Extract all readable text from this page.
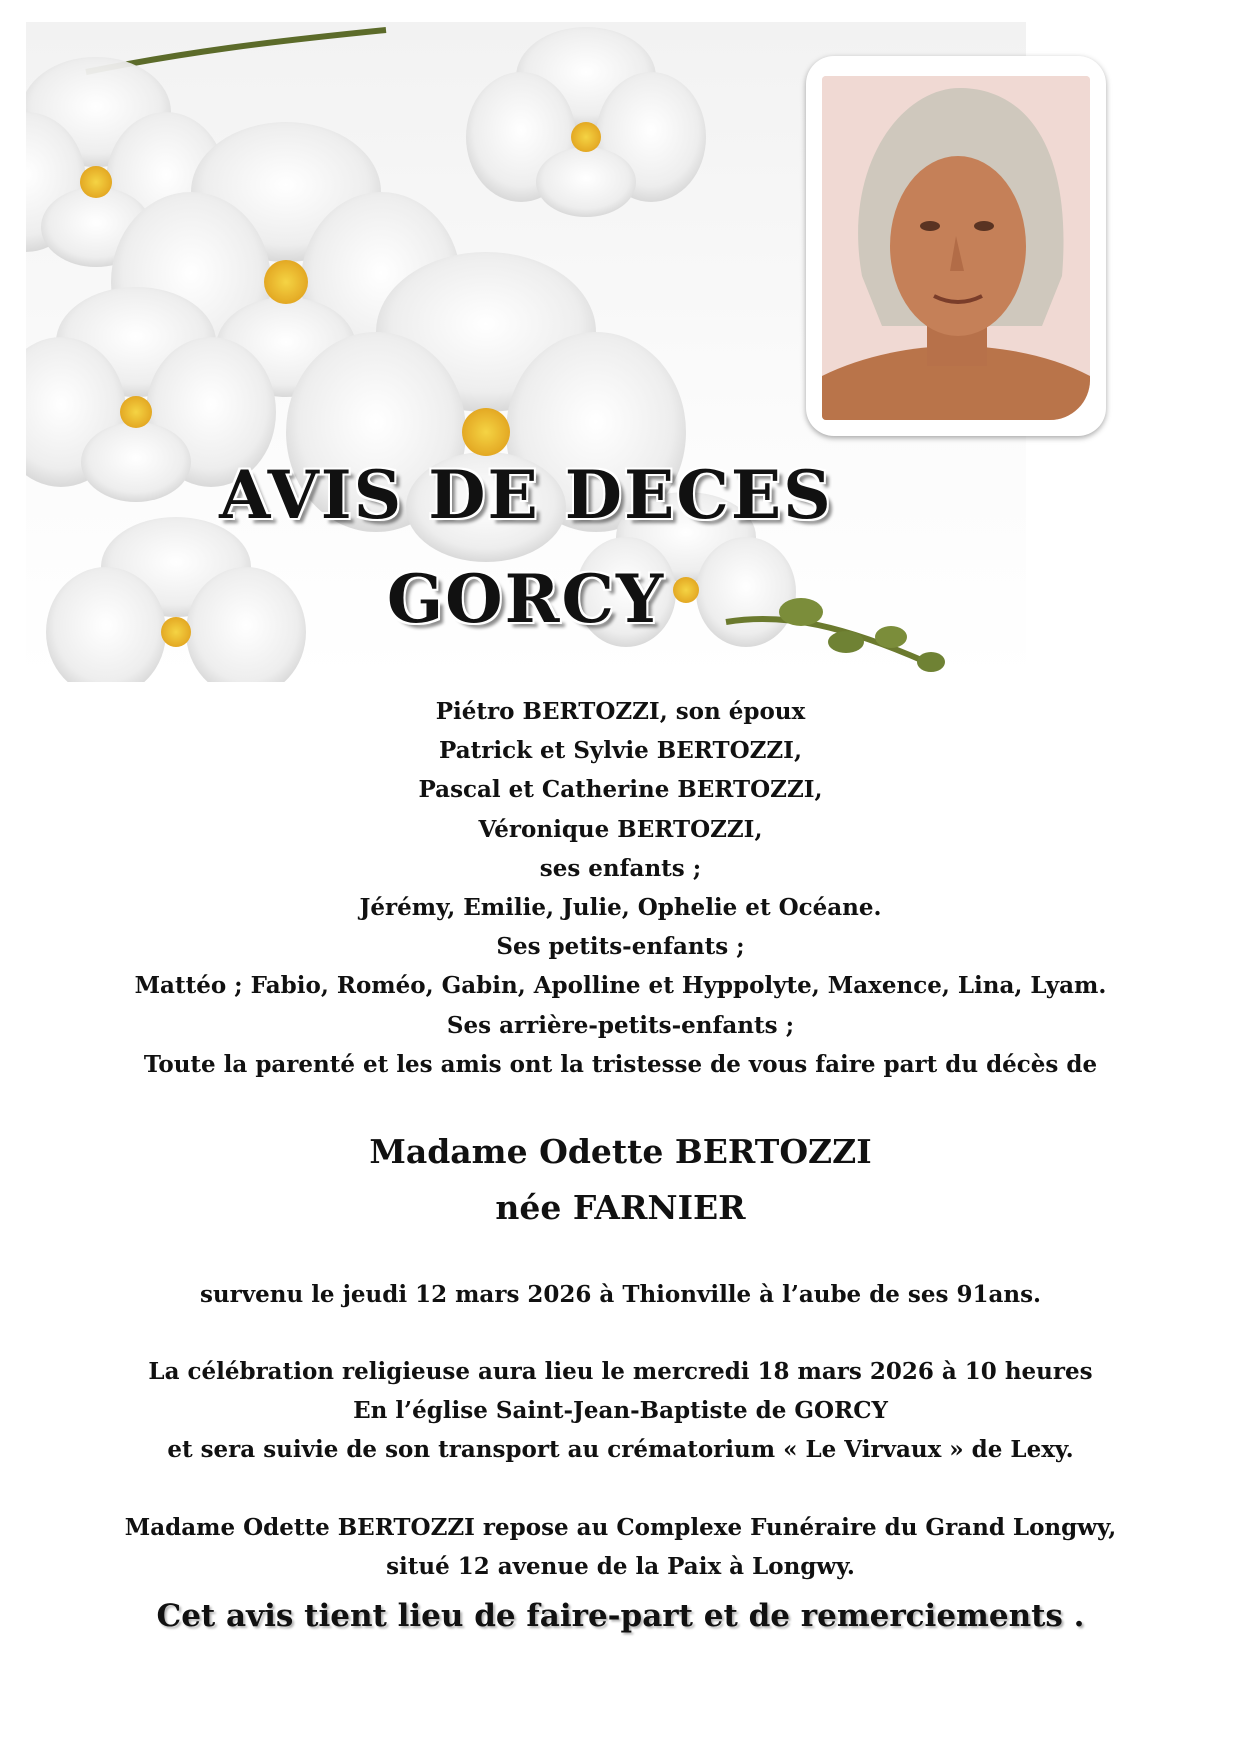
AVIS DE DECES
GORCY
Piétro BERTOZZI, son époux
Patrick et Sylvie BERTOZZI,
Pascal et Catherine BERTOZZI,
Véronique BERTOZZI,
ses enfants ;
Jérémy, Emilie, Julie, Ophelie et Océane.
Ses petits-enfants ;
Mattéo ; Fabio, Roméo, Gabin, Apolline et Hyppolyte, Maxence, Lina, Lyam.
Ses arrière-petits-enfants ;
Toute la parenté et les amis ont la tristesse de vous faire part du décès de
Madame Odette BERTOZZI
née FARNIER
survenu le jeudi 12 mars 2026 à Thionville à l’aube de ses 91ans.
La célébration religieuse aura lieu le mercredi 18 mars 2026 à 10 heures
En l’église Saint-Jean-Baptiste de GORCY
et sera suivie de son transport au crématorium « Le Virvaux » de Lexy.
Madame Odette BERTOZZI repose au Complexe Funéraire du Grand Longwy,
situé 12 avenue de la Paix à Longwy.
Cet avis tient lieu de faire-part et de remerciements .
